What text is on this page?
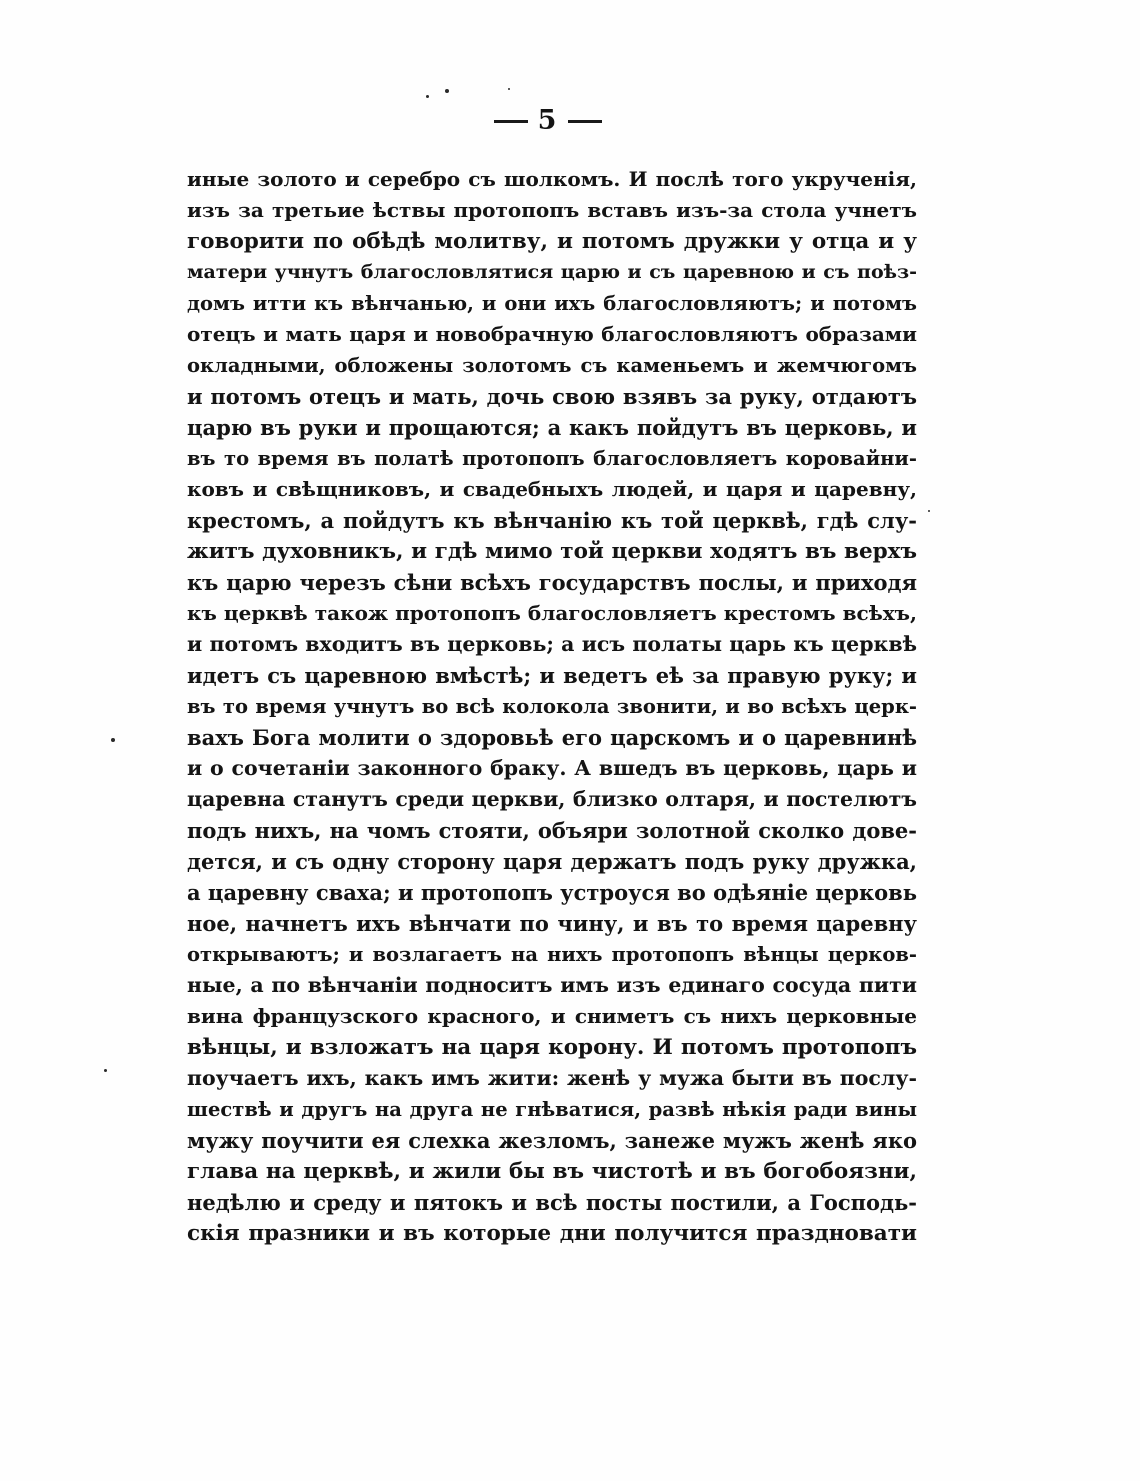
5
иные золото и серебро съ шолкомъ. И послѣ того укрученія,
изъ за третьие ѣствы протопопъ вставъ изъ-за стола учнетъ
говорити по обѣдѣ молитву, и потомъ дружки у отца и у
матери учнутъ благословлятися царю и съ царевною и съ поѣз-
домъ итти къ вѣнчанью, и они ихъ благословляютъ; и потомъ
отецъ и мать царя и новобрачную благословляютъ образами
окладными, обложены золотомъ съ каменьемъ и жемчюгомъ
и потомъ отецъ и мать, дочь свою взявъ за руку, отдаютъ
царю въ руки и прощаются; а какъ пойдутъ въ церковь, и
въ то время въ полатѣ протопопъ благословляетъ коровайни-
ковъ и свѣщниковъ, и свадебныхъ людей, и царя и царевну,
крестомъ, а пойдутъ къ вѣнчанію къ той церквѣ, гдѣ слу-
житъ духовникъ, и гдѣ мимо той церкви ходятъ въ верхъ
къ царю черезъ сѣни всѣхъ государствъ послы, и приходя
къ церквѣ також протопопъ благословляетъ крестомъ всѣхъ,
и потомъ входитъ въ церковь; а исъ полаты царь къ церквѣ
идетъ съ царевною вмѣстѣ; и ведетъ еѣ за правую руку; и
въ то время учнутъ во всѣ колокола звонити, и во всѣхъ церк-
вахъ Бога молити о здоровьѣ его царскомъ и о царевнинѣ
и о сочетаніи законного браку. А вшедъ въ церковь, царь и
царевна станутъ среди церкви, близко олтаря, и постелютъ
подъ нихъ, на чомъ стояти, объяри золотной сколко дове-
дется, и съ одну сторону царя держатъ подъ руку дружка,
а царевну сваха; и протопопъ устроуся во одѣяніе церковь
ное, начнетъ ихъ вѣнчати по чину, и въ то время царевну
открываютъ; и возлагаетъ на нихъ протопопъ вѣнцы церков-
ные, а по вѣнчаніи подноситъ имъ изъ единаго сосуда пити
вина французского красного, и сниметъ съ нихъ церковные
вѣнцы, и взложатъ на царя корону. И потомъ протопопъ
поучаетъ ихъ, какъ имъ жити: женѣ у мужа быти въ послу-
шествѣ и другъ на друга не гнѣватися, развѣ нѣкія ради вины
мужу поучити ея слехка жезломъ, занеже мужъ женѣ яко
глава на церквѣ, и жили бы въ чистотѣ и въ богобоязни,
недѣлю и среду и пятокъ и всѣ посты постили, а Господь-
скія празники и въ которые дни получится праздновати
